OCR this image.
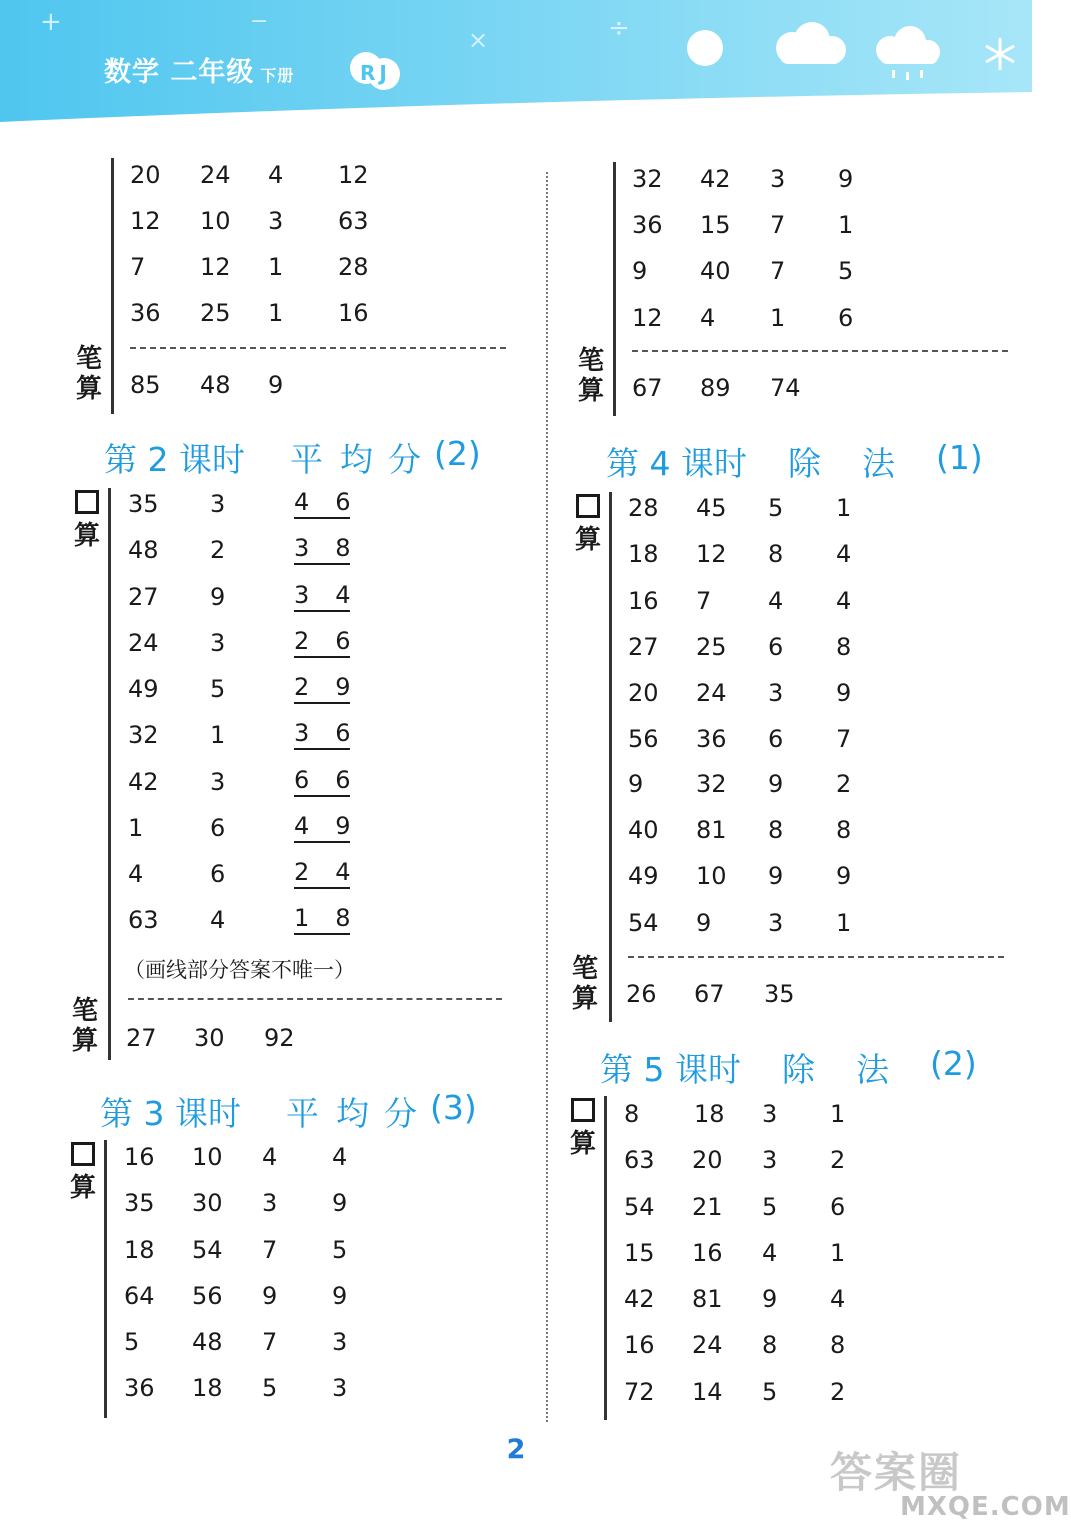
+	−
×	÷
数学 二年级 下册	RJ
20 24 4 12
12 10 3 63
7 12 1 28
36 25 1 16
笔
算 85 48 9
第 2 课时 平 均 分 (2)

算
35 3	4 6
48 2	3 8
27 9	3 4
24 3	2 6
49 5	2 9
32 1	3 6
42 3	6 6
1	6	4 9
4	6	2 4
63 4	1 8
（画线部分答案不唯一）
笔
算 27 30 92
第 3 课时 平 均 分 (3)

算
16 10 4 4
35 30 3 9
18 54 7 5
64 56 9 9
5 48 7 3
36 18 5 3
32 42 3 9
36 15 7 1
9 40 7 5
12 4 1 6
笔
算 67 89 74
第 4 课时 除 法 (1)

算
28 45 5 1
18 12 8 4
16 7 4 4
27 25 6 8
20 24 3 9
56 36 6 7
9 32 9 2
40 81 8 8
49 10 9 9
54 9 3 1
笔
算 26 67 35
第 5 课时 除 法 (2)

算
8 18 3 1
63 20 3 2
54 21 5 6
15 16 4 1
42 81 9 4
16 24 8 8
72 14 5 2
2	答案圈
MXQE.COM
